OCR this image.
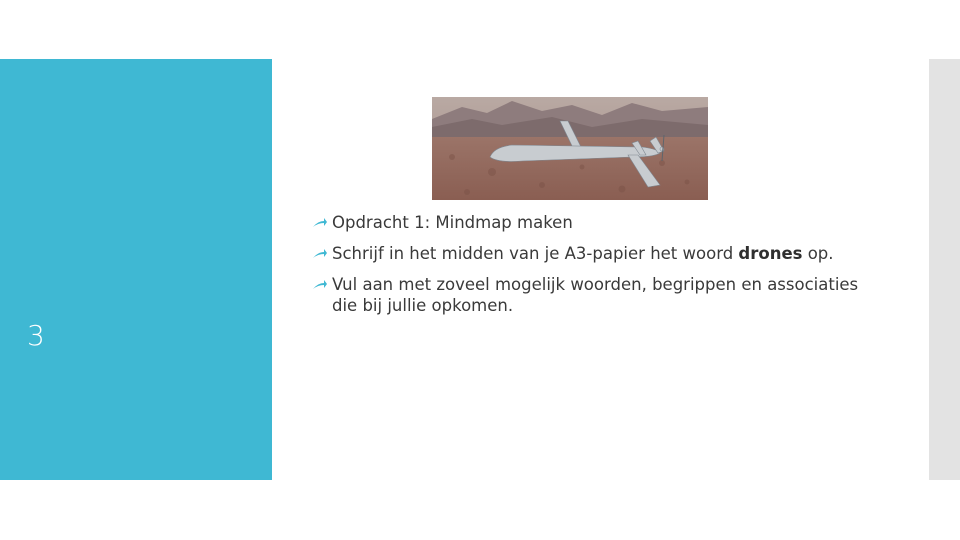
3
Opdracht 1: Mindmap maken
Schrijf in het midden van je A3-papier het woord drones op.
Vul aan met zoveel mogelijk woorden, begrippen en associaties die bij jullie opkomen.
